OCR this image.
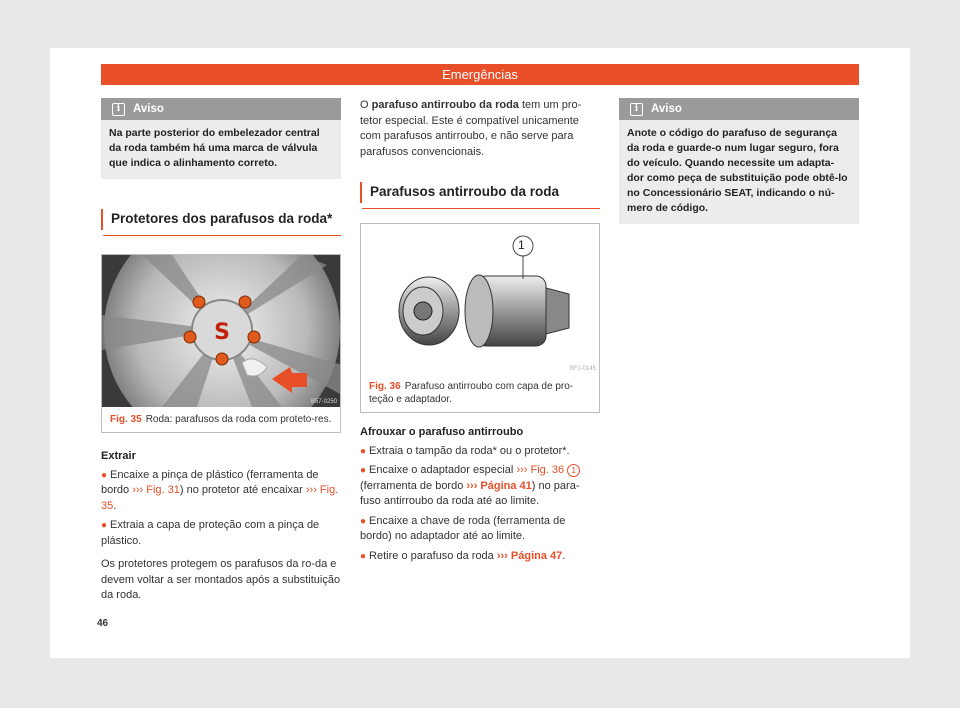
Emergências
i	Aviso
Na parte posterior do embelezador central da roda também há uma marca de válvula que indica o alinhamento correto.
Protetores dos parafusos da roda*
S
B57-0250
Fig. 35 Roda: parafusos da roda com proteto-res.

Extrair

● Encaixe a pinça de plástico (ferramenta de bordo ››› Fig. 31) no protetor até encaixar ››› Fig. 35.

● Extraia a capa de proteção com a pinça de plástico.

Os protetores protegem os parafusos da ro-da e devem voltar a ser montados após a substituição da roda.

O parafuso antirroubo da roda tem um pro-tetor especial. Este é compatível unicamente com parafusos antirroubo, e não serve para parafusos convencionais.

Parafusos antirroubo da roda
1
BFJ-0145
Fig. 36 Parafuso antirroubo com capa de pro-teção e adaptador.

Afrouxar o parafuso antirroubo

● Extraia o tampão da roda* ou o protetor*.

● Encaixe o adaptador especial ››› Fig. 36 1 (ferramenta de bordo ››› Página 41) no para-fuso antirroubo da roda até ao limite.

● Encaixe a chave de roda (ferramenta de bordo) no adaptador até ao limite.

● Retire o parafuso da roda ››› Página 47.

i	Aviso
Anote o código do parafuso de segurança da roda e guarde-o num lugar seguro, fora do veículo. Quando necessite um adapta-dor como peça de substituição pode obtê-lo no Concessionário SEAT, indicando o nú-mero de código.
46
